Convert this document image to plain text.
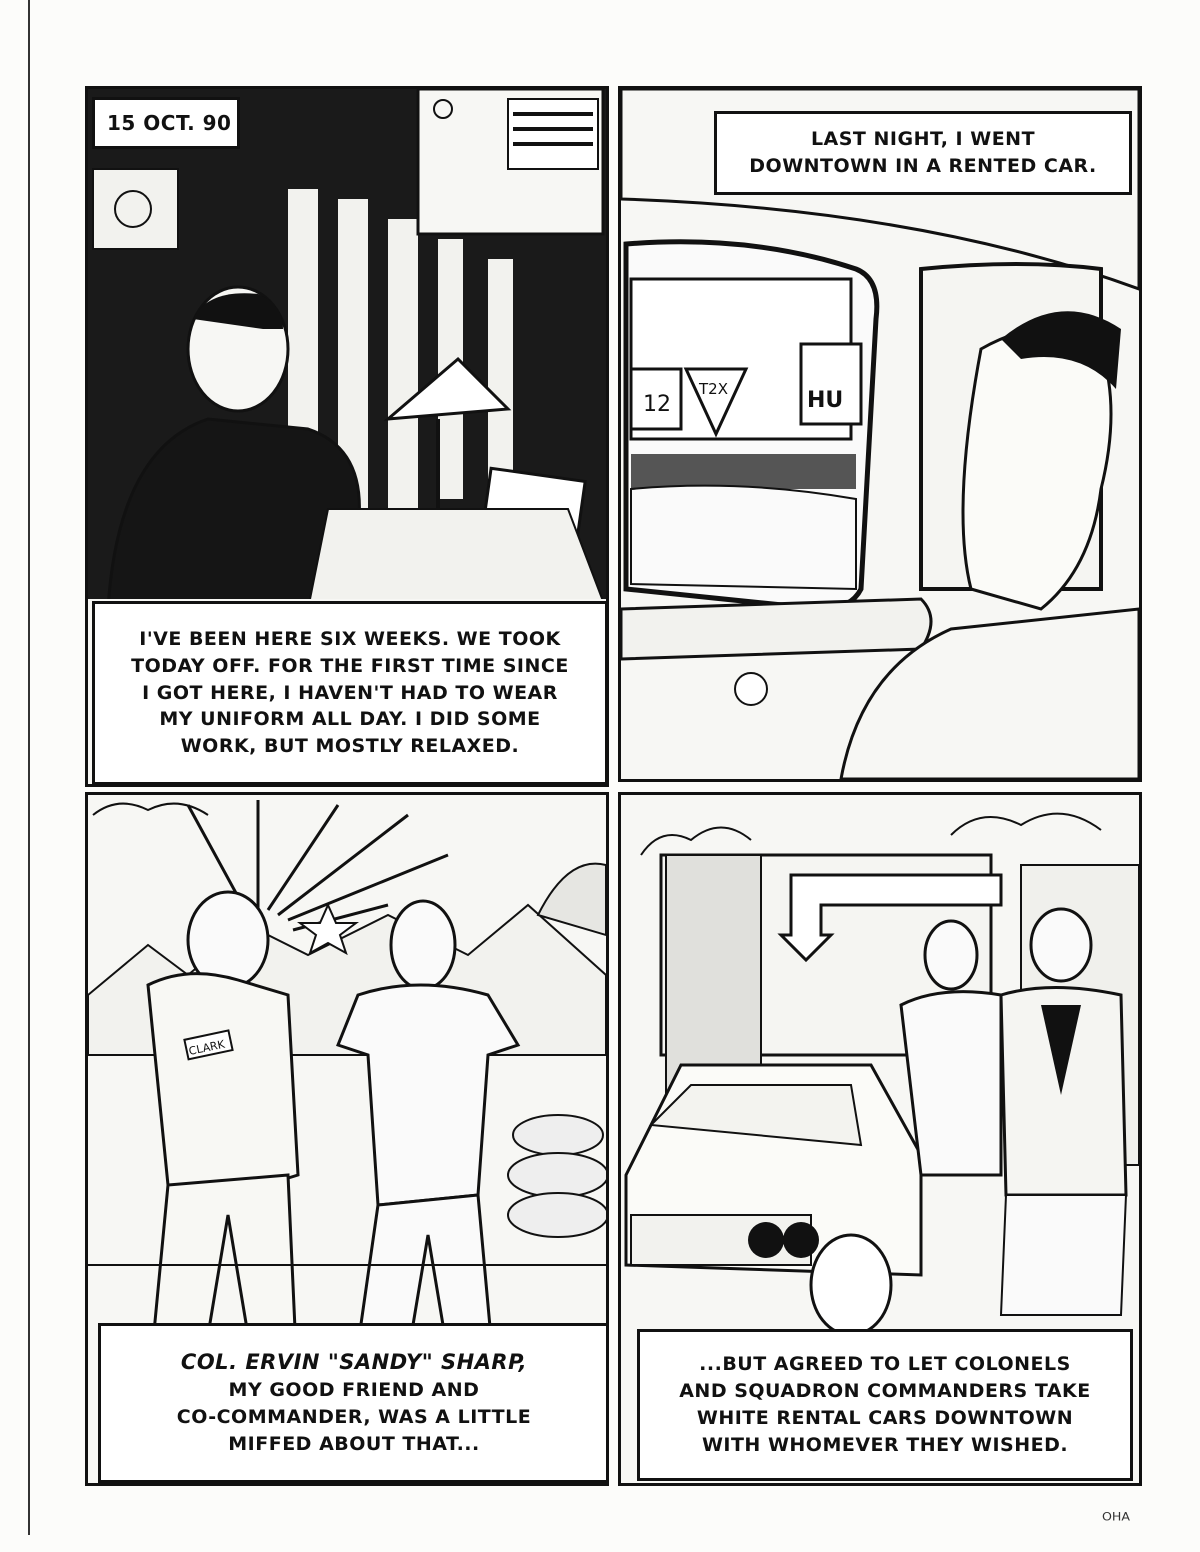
15 OCT. 90
I'VE BEEN HERE SIX WEEKS. WE TOOK
TODAY OFF. FOR THE FIRST TIME SINCE
I GOT HERE, I HAVEN'T HAD TO WEAR
MY UNIFORM ALL DAY. I DID SOME
WORK, BUT MOSTLY RELAXED.
12
T2X	HU
LAST NIGHT, I WENT
DOWNTOWN IN A RENTED CAR.
CLARK
COL. ERVIN "SANDY" SHARP,
MY GOOD FRIEND AND
CO-COMMANDER, WAS A LITTLE
MIFFED ABOUT THAT...
...BUT AGREED TO LET COLONELS
AND SQUADRON COMMANDERS TAKE
WHITE RENTAL CARS DOWNTOWN
WITH WHOMEVER THEY WISHED.
ᴼᴴᴬ
